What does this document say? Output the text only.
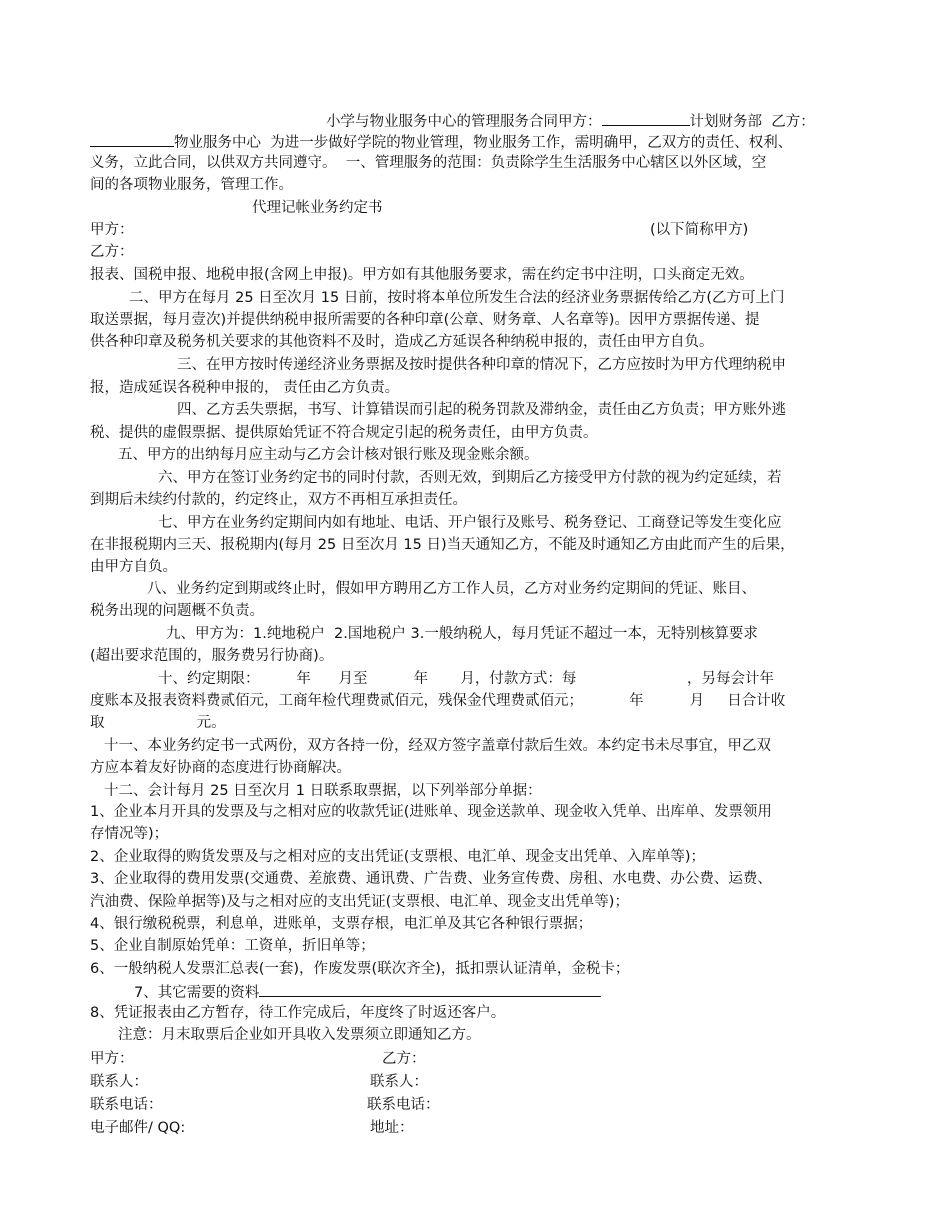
小学与物业服务中心的管理服务合同甲方：	计划财务部  乙方：
物业服务中心  为进一步做好学院的物业管理，物业服务工作，需明确甲，乙双方的责任、权利、
义务，立此合同，以供双方共同遵守。  一、管理服务的范围：负责除学生生活服务中心辖区以外区域，空
间的各项物业服务，管理工作。
代理记帐业务约定书
甲方：	(以下简称甲方)
乙方：
报表、国税申报、地税申报(含网上申报)。甲方如有其他服务要求，需在约定书中注明，口头商定无效。
二、甲方在每月 25 日至次月 15 日前，按时将本单位所发生合法的经济业务票据传给乙方(乙方可上门
取送票据，每月壹次)并提供纳税申报所需要的各种印章(公章、财务章、人名章等)。因甲方票据传递、提
供各种印章及税务机关要求的其他资料不及时，造成乙方延误各种纳税申报的，责任由甲方自负。
三、在甲方按时传递经济业务票据及按时提供各种印章的情况下，乙方应按时为甲方代理纳税申
报，造成延误各税种申报的， 责任由乙方负责。
四、乙方丢失票据，书写、计算错误而引起的税务罚款及滞纳金，责任由乙方负责；甲方账外逃
税、提供的虚假票据、提供原始凭证不符合规定引起的税务责任，由甲方负责。
五、甲方的出纳每月应主动与乙方会计核对银行账及现金账余额。
六、甲方在签订业务约定书的同时付款，否则无效，到期后乙方接受甲方付款的视为约定延续，若
到期后未续约付款的，约定终止，双方不再相互承担责任。
七、甲方在业务约定期间内如有地址、电话、开户银行及账号、税务登记、工商登记等发生变化应
在非报税期内三天、报税期内(每月 25 日至次月 15 日)当天通知乙方，不能及时通知乙方由此而产生的后果，
由甲方自负。
八、业务约定到期或终止时，假如甲方聘用乙方工作人员，乙方对业务约定期间的凭证、账目、
税务出现的问题概不负责。
九、甲方为：1.纯地税户  2.国地税户 3.一般纳税人，每月凭证不超过一本，无特别核算要求
(超出要求范围的，服务费另行协商)。
十、约定期限：        年      月至          年       月，付款方式：每                        ，另每会计年
度账本及报表资料费贰佰元，工商年检代理费贰佰元，残保金代理费贰佰元；          年          月     日合计收
取                    元。
十一、本业务约定书一式两份，双方各持一份，经双方签字盖章付款后生效。本约定书未尽事宜，甲乙双
方应本着友好协商的态度进行协商解决。
十二、会计每月 25 日至次月 1 日联系取票据，以下列举部分单据：
1、企业本月开具的发票及与之相对应的收款凭证(进账单、现金送款单、现金收入凭单、出库单、发票领用
存情况等)；
2、企业取得的购货发票及与之相对应的支出凭证(支票根、电汇单、现金支出凭单、入库单等)；
3、企业取得的费用发票(交通费、差旅费、通讯费、广告费、业务宣传费、房租、水电费、办公费、运费、
汽油费、保险单据等)及与之相对应的支出凭证(支票根、电汇单、现金支出凭单等)；
4、银行缴税税票，利息单，进账单，支票存根，电汇单及其它各种银行票据；
5、企业自制原始凭单：工资单，折旧单等；
6、一般纳税人发票汇总表(一套)，作废发票(联次齐全)，抵扣票认证清单，金税卡；
7、其它需要的资料
8、凭证报表由乙方暂存，待工作完成后，年度终了时返还客户。
注意：月末取票后企业如开具收入发票须立即通知乙方。
甲方：	乙方：
联系人：	联系人：
联系电话：	联系电话：
电子邮件/ QQ:	地址：
